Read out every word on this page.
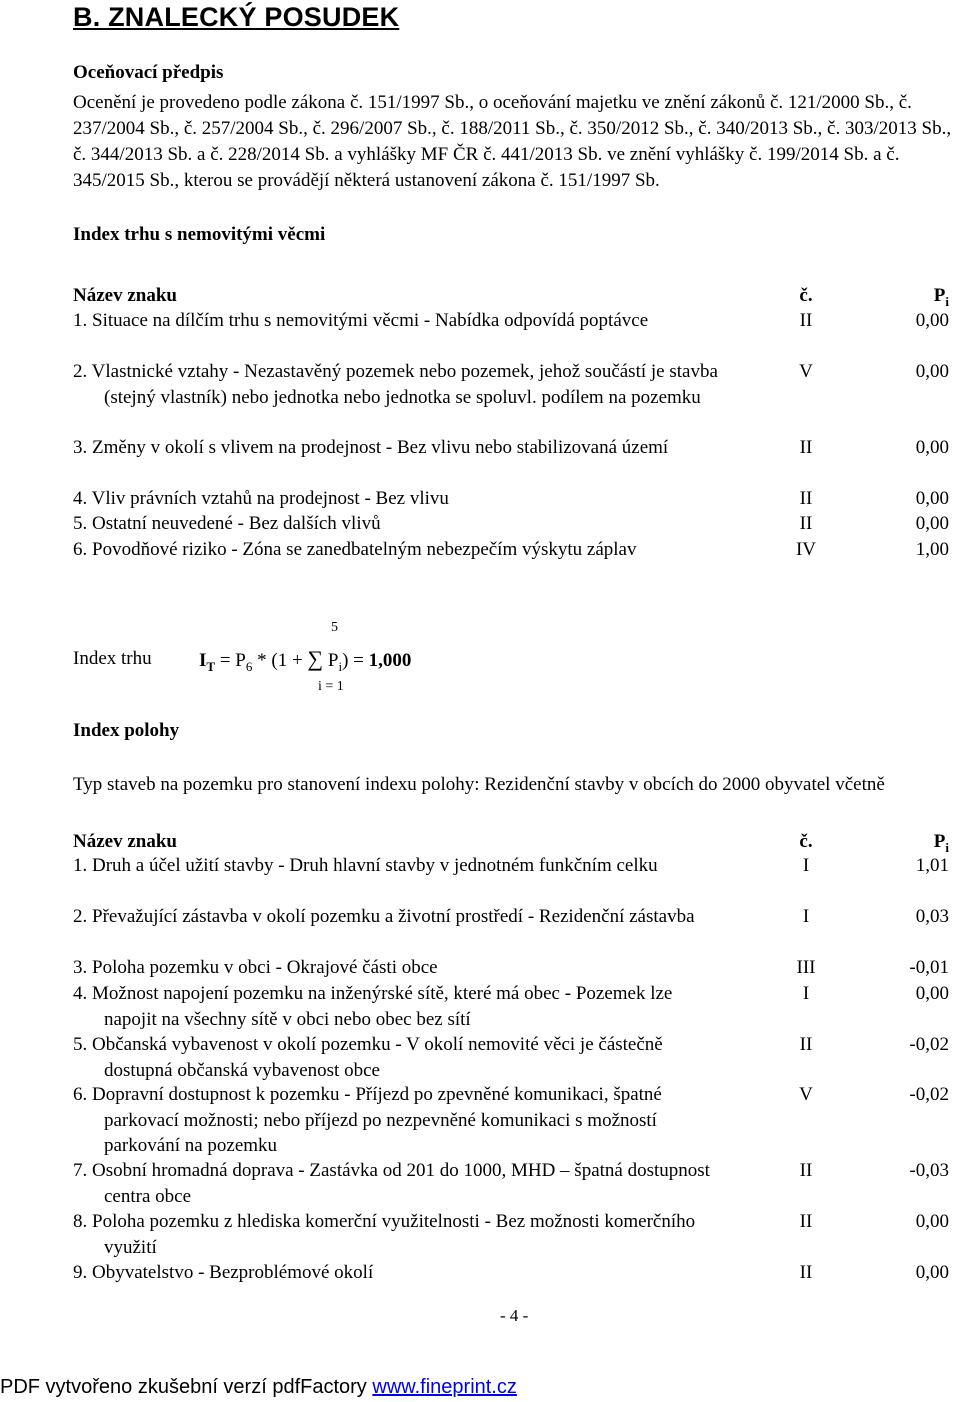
B. ZNALECKÝ POSUDEK
Oceňovací předpis
Ocenění je provedeno podle zákona č. 151/1997 Sb., o oceňování majetku ve znění zákonů č. 121/2000 Sb., č. 237/2004 Sb., č. 257/2004 Sb., č. 296/2007 Sb., č. 188/2011 Sb., č. 350/2012 Sb., č. 340/2013 Sb., č. 303/2013 Sb., č. 344/2013 Sb. a č. 228/2014 Sb. a vyhlášky MF ČR č. 441/2013 Sb. ve znění vyhlášky č. 199/2014 Sb. a č. 345/2015 Sb., kterou se provádějí některá ustanovení zákona č. 151/1997 Sb.
Index trhu s nemovitými věcmi
Název znaku	č.	$P_i$
1. Situace na dílčím trhu s nemovitými věcmi - Nabídka odpovídá poptávce	II	0,00
2. Vlastnické vztahy - Nezastavěný pozemek nebo pozemek, jehož součástí je stavba (stejný vlastník) nebo jednotka nebo jednotka se spoluvl. podílem na pozemku
V	0,00
3. Změny v okolí s vlivem na prodejnost - Bez vlivu nebo stabilizovaná území	II	0,00
4. Vliv právních vztahů na prodejnost - Bez vlivu	II	0,00
5. Ostatní neuvedené - Bez dalších vlivů	II	0,00
6. Povodňové riziko - Zóna se zanedbatelným nebezpečím výskytu záplav	IV	1,00
5
Index trhu $I_T = P_6 * (1$ + ∑ $P_i) = 1,000$
i = 1
Index polohy
Typ staveb na pozemku pro stanovení indexu polohy: Rezidenční stavby v obcích do 2000 obyvatel včetně
Název znaku	č.	$P_i$
1. Druh a účel užití stavby - Druh hlavní stavby v jednotném funkčním celku	I	1,01
2. Převažující zástavba v okolí pozemku a životní prostředí - Rezidenční zástavba	I	0,03
3. Poloha pozemku v obci - Okrajové části obce	III	-0,01
4. Možnost napojení pozemku na inženýrské sítě, které má obec - Pozemek lze napojit na všechny sítě v obci nebo obec bez sítí
I	0,00
5. Občanská vybavenost v okolí pozemku - V okolí nemovité věci je částečně dostupná občanská vybavenost obce
II	-0,02
6. Dopravní dostupnost k pozemku - Příjezd po zpevněné komunikaci, špatné parkovací možnosti; nebo příjezd po nezpevněné komunikaci s možností parkování na pozemku
V	-0,02
7. Osobní hromadná doprava - Zastávka od 201 do 1000, MHD – špatná dostupnost centra obce
II	-0,03
8. Poloha pozemku z hlediska komerční využitelnosti - Bez možnosti komerčního využití
II	0,00
9. Obyvatelstvo - Bezproblémové okolí	II	0,00
- 4 -
PDF vytvořeno zkušební verzí pdfFactory www.fineprint.cz
